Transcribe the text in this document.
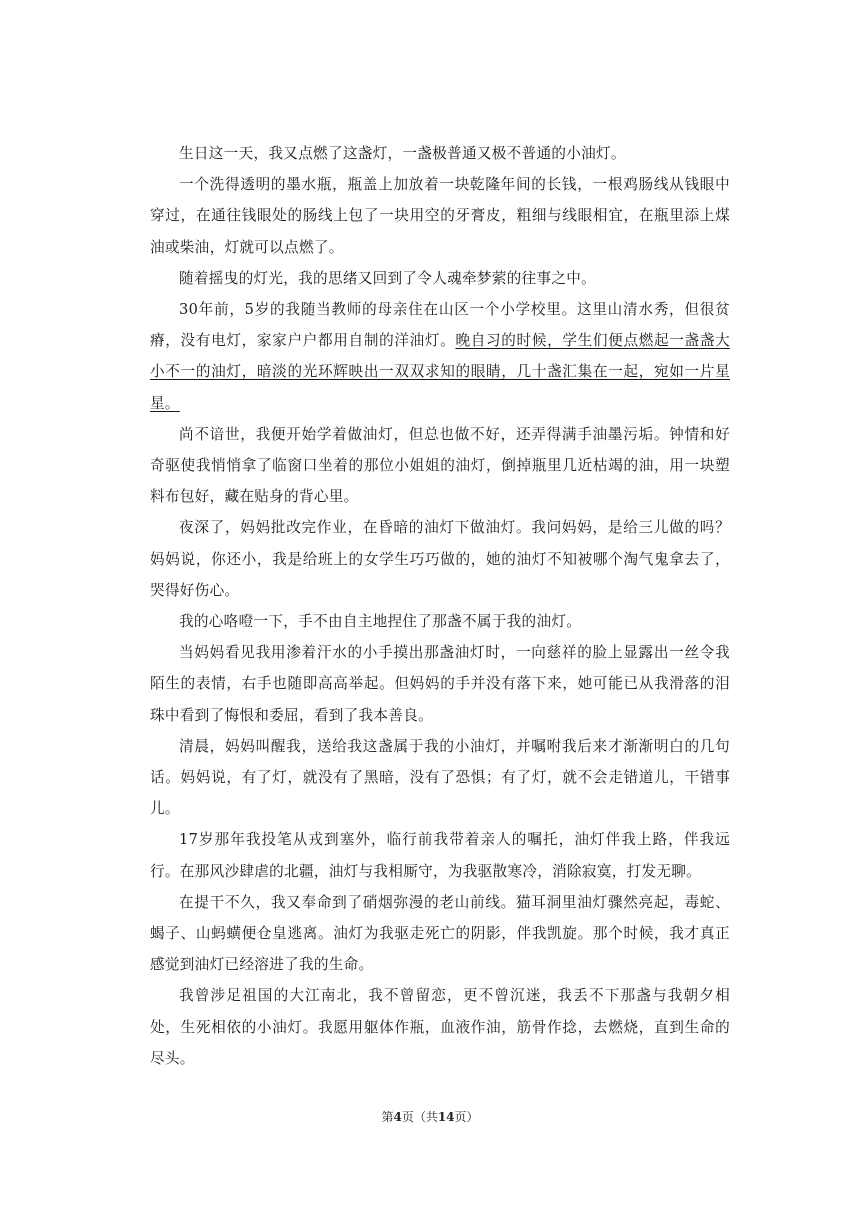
生日这一天，我又点燃了这盏灯，一盏极普通又极不普通的小油灯。

一个洗得透明的墨水瓶，瓶盖上加放着一块乾隆年间的长钱，一根鸡肠线从钱眼中穿过，在通往钱眼处的肠线上包了一块用空的牙膏皮，粗细与线眼相宜，在瓶里添上煤油或柴油，灯就可以点燃了。

随着摇曳的灯光，我的思绪又回到了令人魂牵梦萦的往事之中。

30年前，5岁的我随当教师的母亲住在山区一个小学校里。这里山清水秀，但很贫瘠，没有电灯，家家户户都用自制的洋油灯。晚自习的时候，学生们便点燃起一盏盏大小不一的油灯，暗淡的光环辉映出一双双求知的眼睛，几十盏汇集在一起，宛如一片星星。

尚不谙世，我便开始学着做油灯，但总也做不好，还弄得满手油墨污垢。钟情和好奇驱使我悄悄拿了临窗口坐着的那位小姐姐的油灯，倒掉瓶里几近枯竭的油，用一块塑料布包好，藏在贴身的背心里。

夜深了，妈妈批改完作业，在昏暗的油灯下做油灯。我问妈妈，是给三儿做的吗？妈妈说，你还小，我是给班上的女学生巧巧做的，她的油灯不知被哪个淘气鬼拿去了，哭得好伤心。

我的心咯噔一下，手不由自主地捏住了那盏不属于我的油灯。

当妈妈看见我用渗着汗水的小手摸出那盏油灯时，一向慈祥的脸上显露出一丝令我陌生的表情，右手也随即高高举起。但妈妈的手并没有落下来，她可能已从我滑落的泪珠中看到了悔恨和委屈，看到了我本善良。

清晨，妈妈叫醒我，送给我这盏属于我的小油灯，并嘱咐我后来才渐渐明白的几句话。妈妈说，有了灯，就没有了黑暗，没有了恐惧；有了灯，就不会走错道儿，干错事儿。

17岁那年我投笔从戎到塞外，临行前我带着亲人的嘱托，油灯伴我上路，伴我远行。在那风沙肆虐的北疆，油灯与我相厮守，为我驱散寒冷，消除寂寞，打发无聊。

在提干不久，我又奉命到了硝烟弥漫的老山前线。猫耳洞里油灯骤然亮起，毒蛇、蝎子、山蚂蟥便仓皇逃离。油灯为我驱走死亡的阴影，伴我凯旋。那个时候，我才真正感觉到油灯已经溶进了我的生命。

我曾涉足祖国的大江南北，我不曾留恋，更不曾沉迷，我丢不下那盏与我朝夕相处，生死相依的小油灯。我愿用躯体作瓶，血液作油，筋骨作捻，去燃烧，直到生命的尽头。

第4页（共14页）
